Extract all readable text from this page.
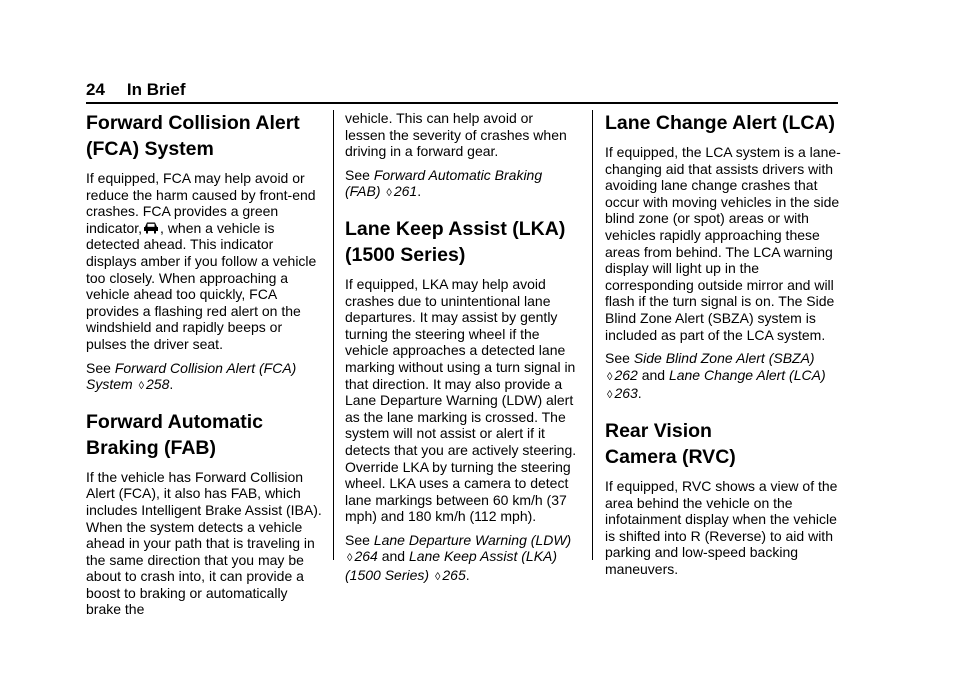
24 In Brief
Forward Collision Alert
(FCA) System

If equipped, FCA may help avoid or reduce the harm caused by front-end crashes. FCA provides a green indicator, , when a vehicle is detected ahead. This indicator displays amber if you follow a vehicle too closely. When approaching a vehicle ahead too quickly, FCA provides a flashing red alert on the windshield and rapidly beeps or pulses the driver seat.

See Forward Collision Alert (FCA) System ◊ 258.

Forward Automatic
Braking (FAB)

If the vehicle has Forward Collision Alert (FCA), it also has FAB, which includes Intelligent Brake Assist (IBA). When the system detects a vehicle ahead in your path that is traveling in the same direction that you may be about to crash into, it can provide a boost to braking or automatically brake the

vehicle. This can help avoid or lessen the severity of crashes when driving in a forward gear.

See Forward Automatic Braking (FAB) ◊ 261.

Lane Keep Assist (LKA)
(1500 Series)

If equipped, LKA may help avoid crashes due to unintentional lane departures. It may assist by gently turning the steering wheel if the vehicle approaches a detected lane marking without using a turn signal in that direction. It may also provide a Lane Departure Warning (LDW) alert as the lane marking is crossed. The system will not assist or alert if it detects that you are actively steering. Override LKA by turning the steering wheel. LKA uses a camera to detect lane markings between 60 km/h (37 mph) and 180 km/h (112 mph).

See Lane Departure Warning (LDW) ◊ 264 and Lane Keep Assist (LKA) (1500 Series) ◊ 265.

Lane Change Alert (LCA)

If equipped, the LCA system is a lane-changing aid that assists drivers with avoiding lane change crashes that occur with moving vehicles in the side blind zone (or spot) areas or with vehicles rapidly approaching these areas from behind. The LCA warning display will light up in the corresponding outside mirror and will flash if the turn signal is on. The Side Blind Zone Alert (SBZA) system is included as part of the LCA system.

See Side Blind Zone Alert (SBZA) ◊ 262 and Lane Change Alert (LCA) ◊ 263.

Rear Vision
Camera (RVC)

If equipped, RVC shows a view of the area behind the vehicle on the infotainment display when the vehicle is shifted into R (Reverse) to aid with parking and low-speed backing maneuvers.
